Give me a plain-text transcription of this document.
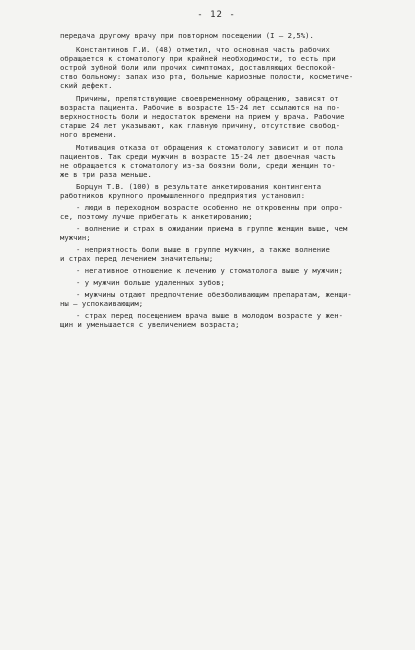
- 12 -
передача другому врачу при повторном посещении (I – 2,5%).
Константинов Г.И. (48) отметил, что основная часть рабочих
обращается к стоматологу при крайней необходимости, то есть при
острой зубной боли или прочих симптомах, доставляющих беспокой-
ство больному: запах изо рта, больные кариозные полости, косметиче-
ский дефект.
Причины, препятствующие своевременному обращению, зависят от
возраста пациента. Рабочие в возрасте 15-24 лет ссылаются на по-
верхностность боли и недостаток времени на прием у врача. Рабочие
старше 24 лет указывают, как главную причину, отсутствие свобод-
ного времени.
Мотивация отказа от обращения к стоматологу зависит и от пола
пациентов. Так среди мужчин в возрасте 15-24 лет двоечная часть
не обращается к стоматологу из-за боязни боли, среди женщин то-
же в три раза меньше.
Борцун Т.В. (100) в результате анкетирования контингента
работников крупного промышленного предприятия установил:
- люди в переходном возрасте особенно не откровенны при опро-
се, поэтому лучше прибегать к анкетированию;
- волнение и страх в ожидании приема в группе женщин выше, чем
мужчин;
- неприятность боли выше в группе мужчин, а также волнение
и страх перед лечением значительны;
- негативное отношение к лечению у стоматолога выше у мужчин;
- у мужчин больше удаленных зубов;
- мужчины отдают предпочтение обезболивающим препаратам, женщи-
ны – успокаивающим;
- страх перед посещением врача выше в молодом возрасте у жен-
щин и уменьшается с увеличением возраста;
